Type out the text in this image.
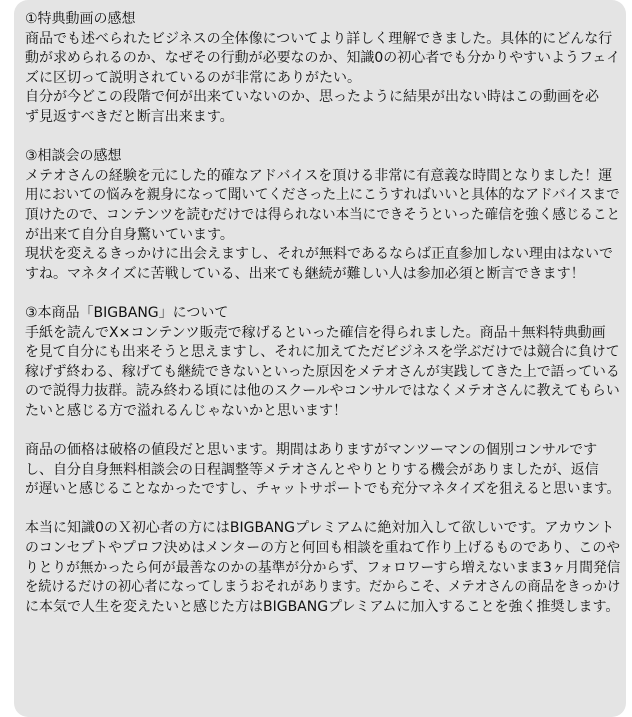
①特典動画の感想
商品でも述べられたビジネスの全体像についてより詳しく理解できました。具体的にどんな行
動が求められるのか、なぜその行動が必要なのか、知識0の初心者でも分かりやすいようフェイ
ズに区切って説明されているのが非常にありがたい。
自分が今どこの段階で何が出来ていないのか、思ったように結果が出ない時はこの動画を必
ず見返すべきだと断言出来ます。
③相談会の感想
メテオさんの経験を元にした的確なアドバイスを頂ける非常に有意義な時間となりました！運
用においての悩みを親身になって聞いてくださった上にこうすればいいと具体的なアドバイスまで
頂けたので、コンテンツを読むだけでは得られない本当にできそうといった確信を強く感じること
が出来て自分自身驚いています。
現状を変えるきっかけに出会えますし、それが無料であるならば正直参加しない理由はないで
すね。マネタイズに苦戦している、出来ても継続が難しい人は参加必須と断言できます！
③本商品「BIGBANG」について
手紙を読んでX×コンテンツ販売で稼げるといった確信を得られました。商品＋無料特典動画
を見て自分にも出来そうと思えますし、それに加えてただビジネスを学ぶだけでは競合に負けて
稼げず終わる、稼げても継続できないといった原因をメテオさんが実践してきた上で語っている
ので説得力抜群。読み終わる頃には他のスクールやコンサルではなくメテオさんに教えてもらい
たいと感じる方で溢れるんじゃないかと思います！
商品の価格は破格の値段だと思います。期間はありますがマンツーマンの個別コンサルです
し、自分自身無料相談会の日程調整等メテオさんとやりとりする機会がありましたが、返信
が遅いと感じることなかったですし、チャットサポートでも充分マネタイズを狙えると思います。
本当に知識0のＸ初心者の方にはBIGBANGプレミアムに絶対加入して欲しいです。アカウント
のコンセプトやプロフ決めはメンターの方と何回も相談を重ねて作り上げるものであり、このや
りとりが無かったら何が最善なのかの基準が分からず、フォロワーすら増えないまま3ヶ月間発信
を続けるだけの初心者になってしまうおそれがあります。だからこそ、メテオさんの商品をきっかけ
に本気で人生を変えたいと感じた方はBIGBANGプレミアムに加入することを強く推奨します。
